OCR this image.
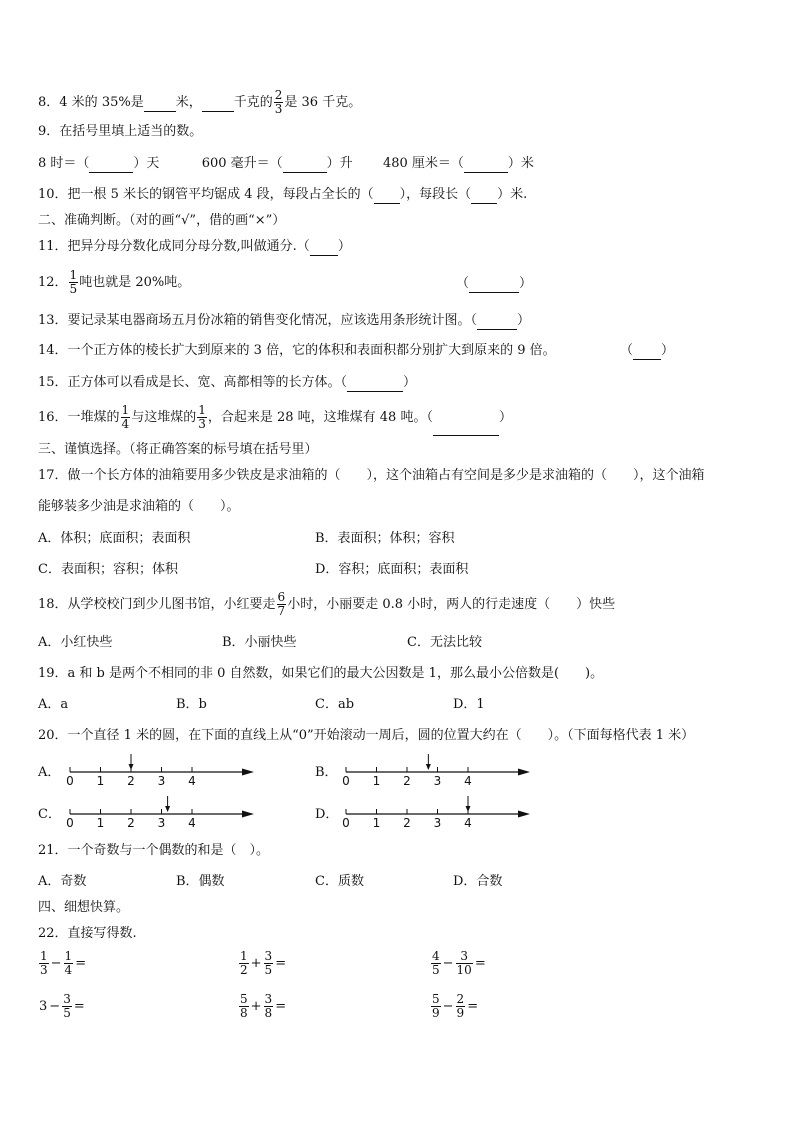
8．4 米的 35%是 米， 千克的 $\frac{2}{3}$ 是 36 千克。
9．在括号里填上适当的数。
8 时＝（	）天	600 毫升＝（	）升 480 厘米＝（	）米
10．把一根 5 米长的钢管平均锯成 4 段，每段占全长的（ ），每段长（ ）米.
二、准确判断。（对的画“√”，借的画“×”）
11．把异分母分数化成同分母分数,叫做通分.（ ）
12． $\frac{1}{5}$ 吨也就是 20%吨。	（	）
13．要记录某电器商场五月份冰箱的销售变化情况，应该选用条形统计图。（	）
14．一个正方体的棱长扩大到原来的 3 倍，它的体积和表面积都分别扩大到原来的 9 倍。	（ ）
15．正方体可以看成是长、宽、高都相等的长方体。（	）
16．一堆煤的 $\frac{1}{4}$ 与这堆煤的 $\frac{1}{3}$ ，合起来是 28 吨，这堆煤有 48 吨。（	）
三、谨慎选择。（将正确答案的标号填在括号里）
17．做一个长方体的油箱要用多少铁皮是求油箱的（　　），这个油箱占有空间是多少是求油箱的（　　），这个油箱
能够装多少油是求油箱的（　　）。
A．体积；底面积；表面积	B．表面积；体积；容积
C．表面积；容积；体积	D．容积；底面积；表面积
18．从学校校门到少儿图书馆，小红要走 $\frac{6}{7}$ 小时，小丽要走 0.8 小时，两人的行走速度（　　）快些
A．小红快些	B．小丽快些	C．无法比较
19．a 和 b 是两个不相同的非 0 自然数，如果它们的最大公因数是 1，那么最小公倍数是(　　)。
A．a	B．b	C．ab	D．1
20．一个直径 1 米的圆，在下面的直线上从“0”开始滚动一周后，圆的位置大约在（　　）。（下面每格代表 1 米）
A．
0 1 2 3 4
B．
0 1 2 3 4
C．
0 1 2 3 4
D．
0 1 2 3 4
21．一个奇数与一个偶数的和是（　）。
A．奇数	B．偶数	C．质数	D．合数
四、细想快算。
22．直接写得数.
$\frac{1}{3} - \frac{1}{4}$ =	$\frac{1}{2} + \frac{3}{5}$ =	$\frac{4}{5} - \frac{3}{10}$ =
$3 - \frac{3}{5}$ =	$\frac{5}{8} + \frac{3}{8}$ =	$\frac{5}{9} - \frac{2}{9}$ =
